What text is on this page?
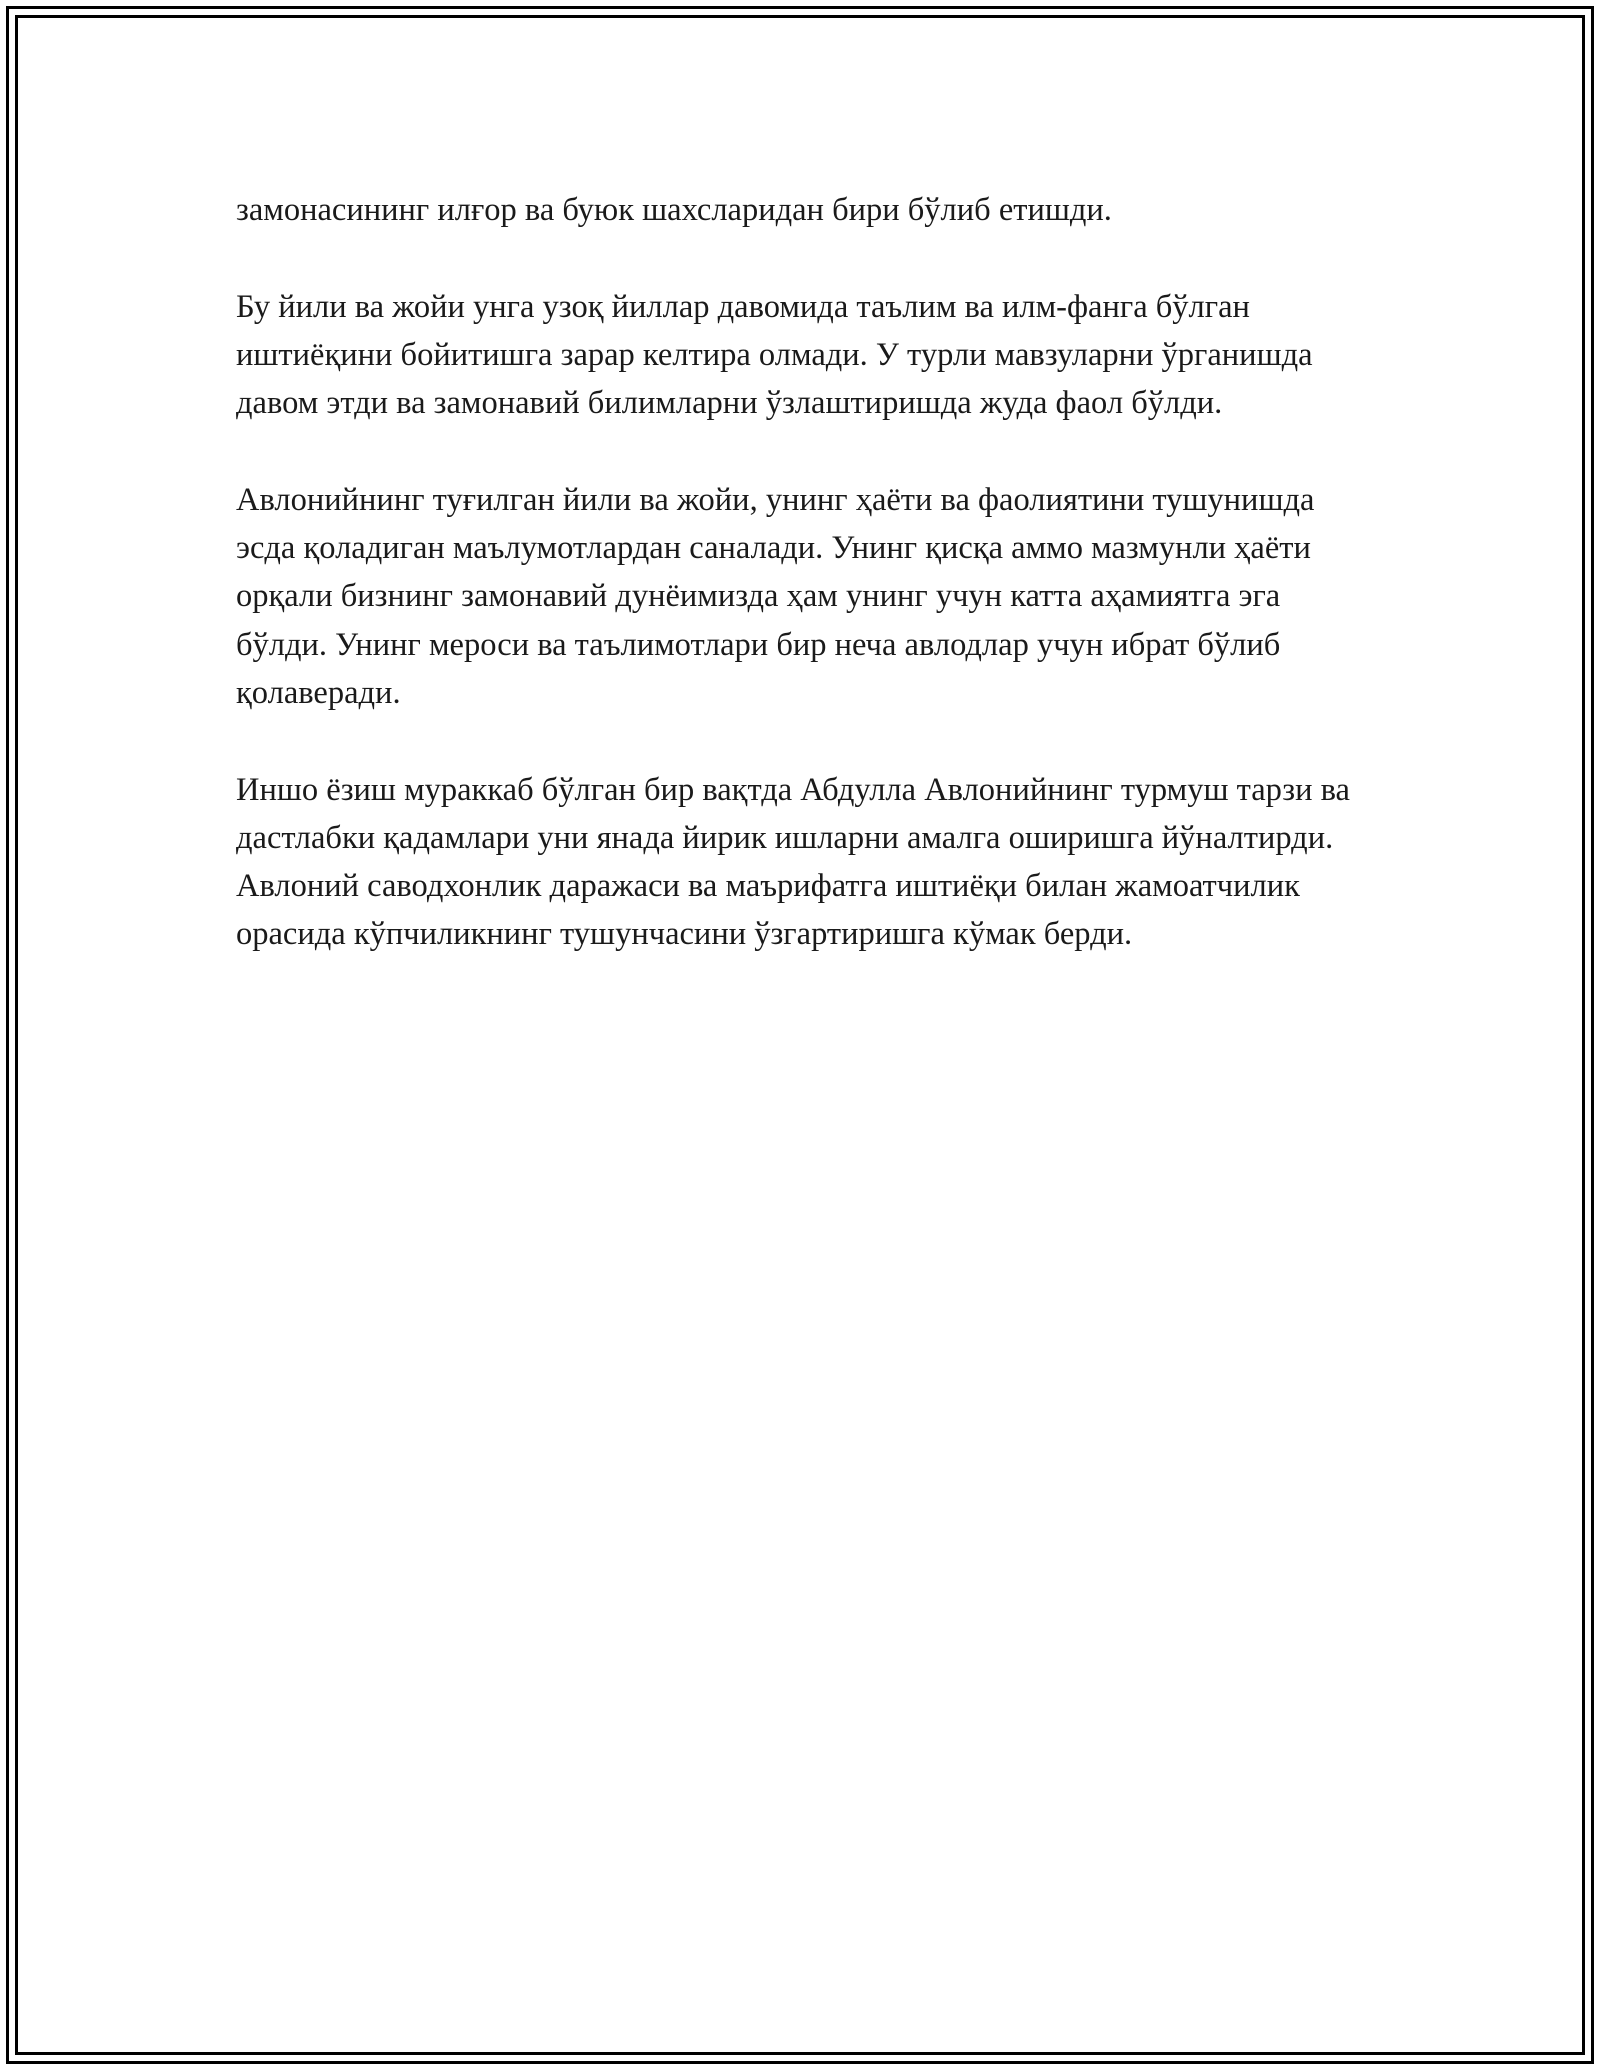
замонасининг илғор ва буюк шахсларидан бири бўлиб етишди.

Бу йили ва жойи унга узоқ йиллар давомида таълим ва илм-фанга бўлган иштиёқини бойитишга зарар келтира олмади. У турли мавзуларни ўрганишда давом этди ва замонавий билимларни ўзлаштиришда жуда фаол бўлди.

Авлонийнинг туғилган йили ва жойи, унинг ҳаёти ва фаолиятини тушунишда эсда қоладиган маълумотлардан саналади. Унинг қисқа аммо мазмунли ҳаёти орқали бизнинг замонавий дунёимизда ҳам унинг учун катта аҳамиятга эга бўлди. Унинг мероси ва таълимотлари бир неча авлодлар учун ибрат бўлиб қолаверади.

Иншо ёзиш мураккаб бўлган бир вақтда Абдулла Авлонийнинг турмуш тарзи ва дастлабки қадамлари уни янада йирик ишларни амалга оширишга йўналтирди. Авлоний саводхонлик даражаси ва маърифатга иштиёқи билан жамоатчилик орасида кўпчиликнинг тушунчасини ўзгартиришга кўмак берди.
